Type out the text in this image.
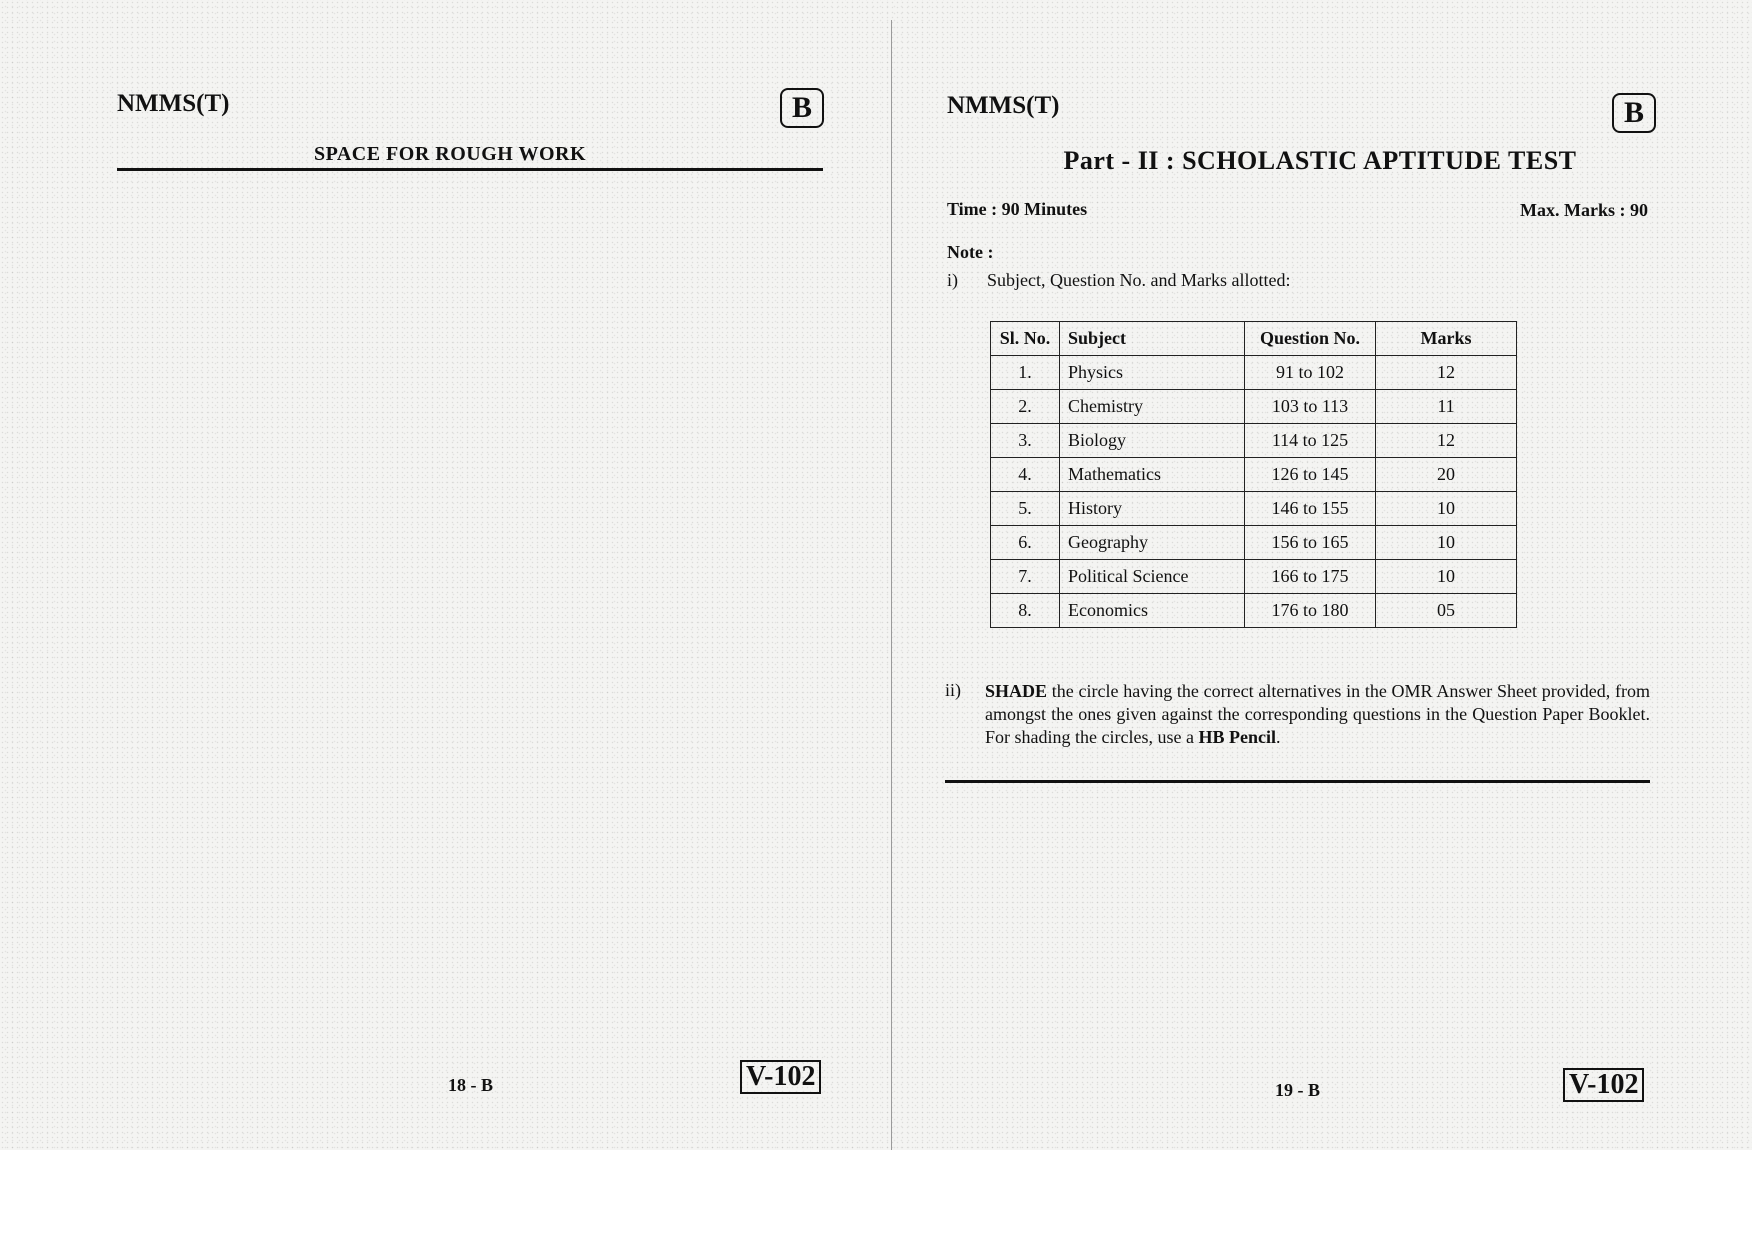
NMMS(T)	B
SPACE FOR ROUGH WORK
18 - B	V-102
NMMS(T)	B
Part - II : SCHOLASTIC APTITUDE TEST
Time : 90 Minutes	Max. Marks : 90
Note :
i) Subject, Question No. and Marks allotted:
Sl. No.	Subject	Question No.	Marks
1.	Physics	91 to 102	12
2.	Chemistry	103 to 113	11
3.	Biology	114 to 125	12
4.	Mathematics	126 to 145	20
5.	History	146 to 155	10
6.	Geography	156 to 165	10
7.	Political Science	166 to 175	10
8.	Economics	176 to 180	05
ii) SHADE the circle having the correct alternatives in the OMR Answer Sheet provided, from amongst the ones given against the corresponding questions in the Question Paper Booklet. For shading the circles, use a HB Pencil.
19 - B	V-102
